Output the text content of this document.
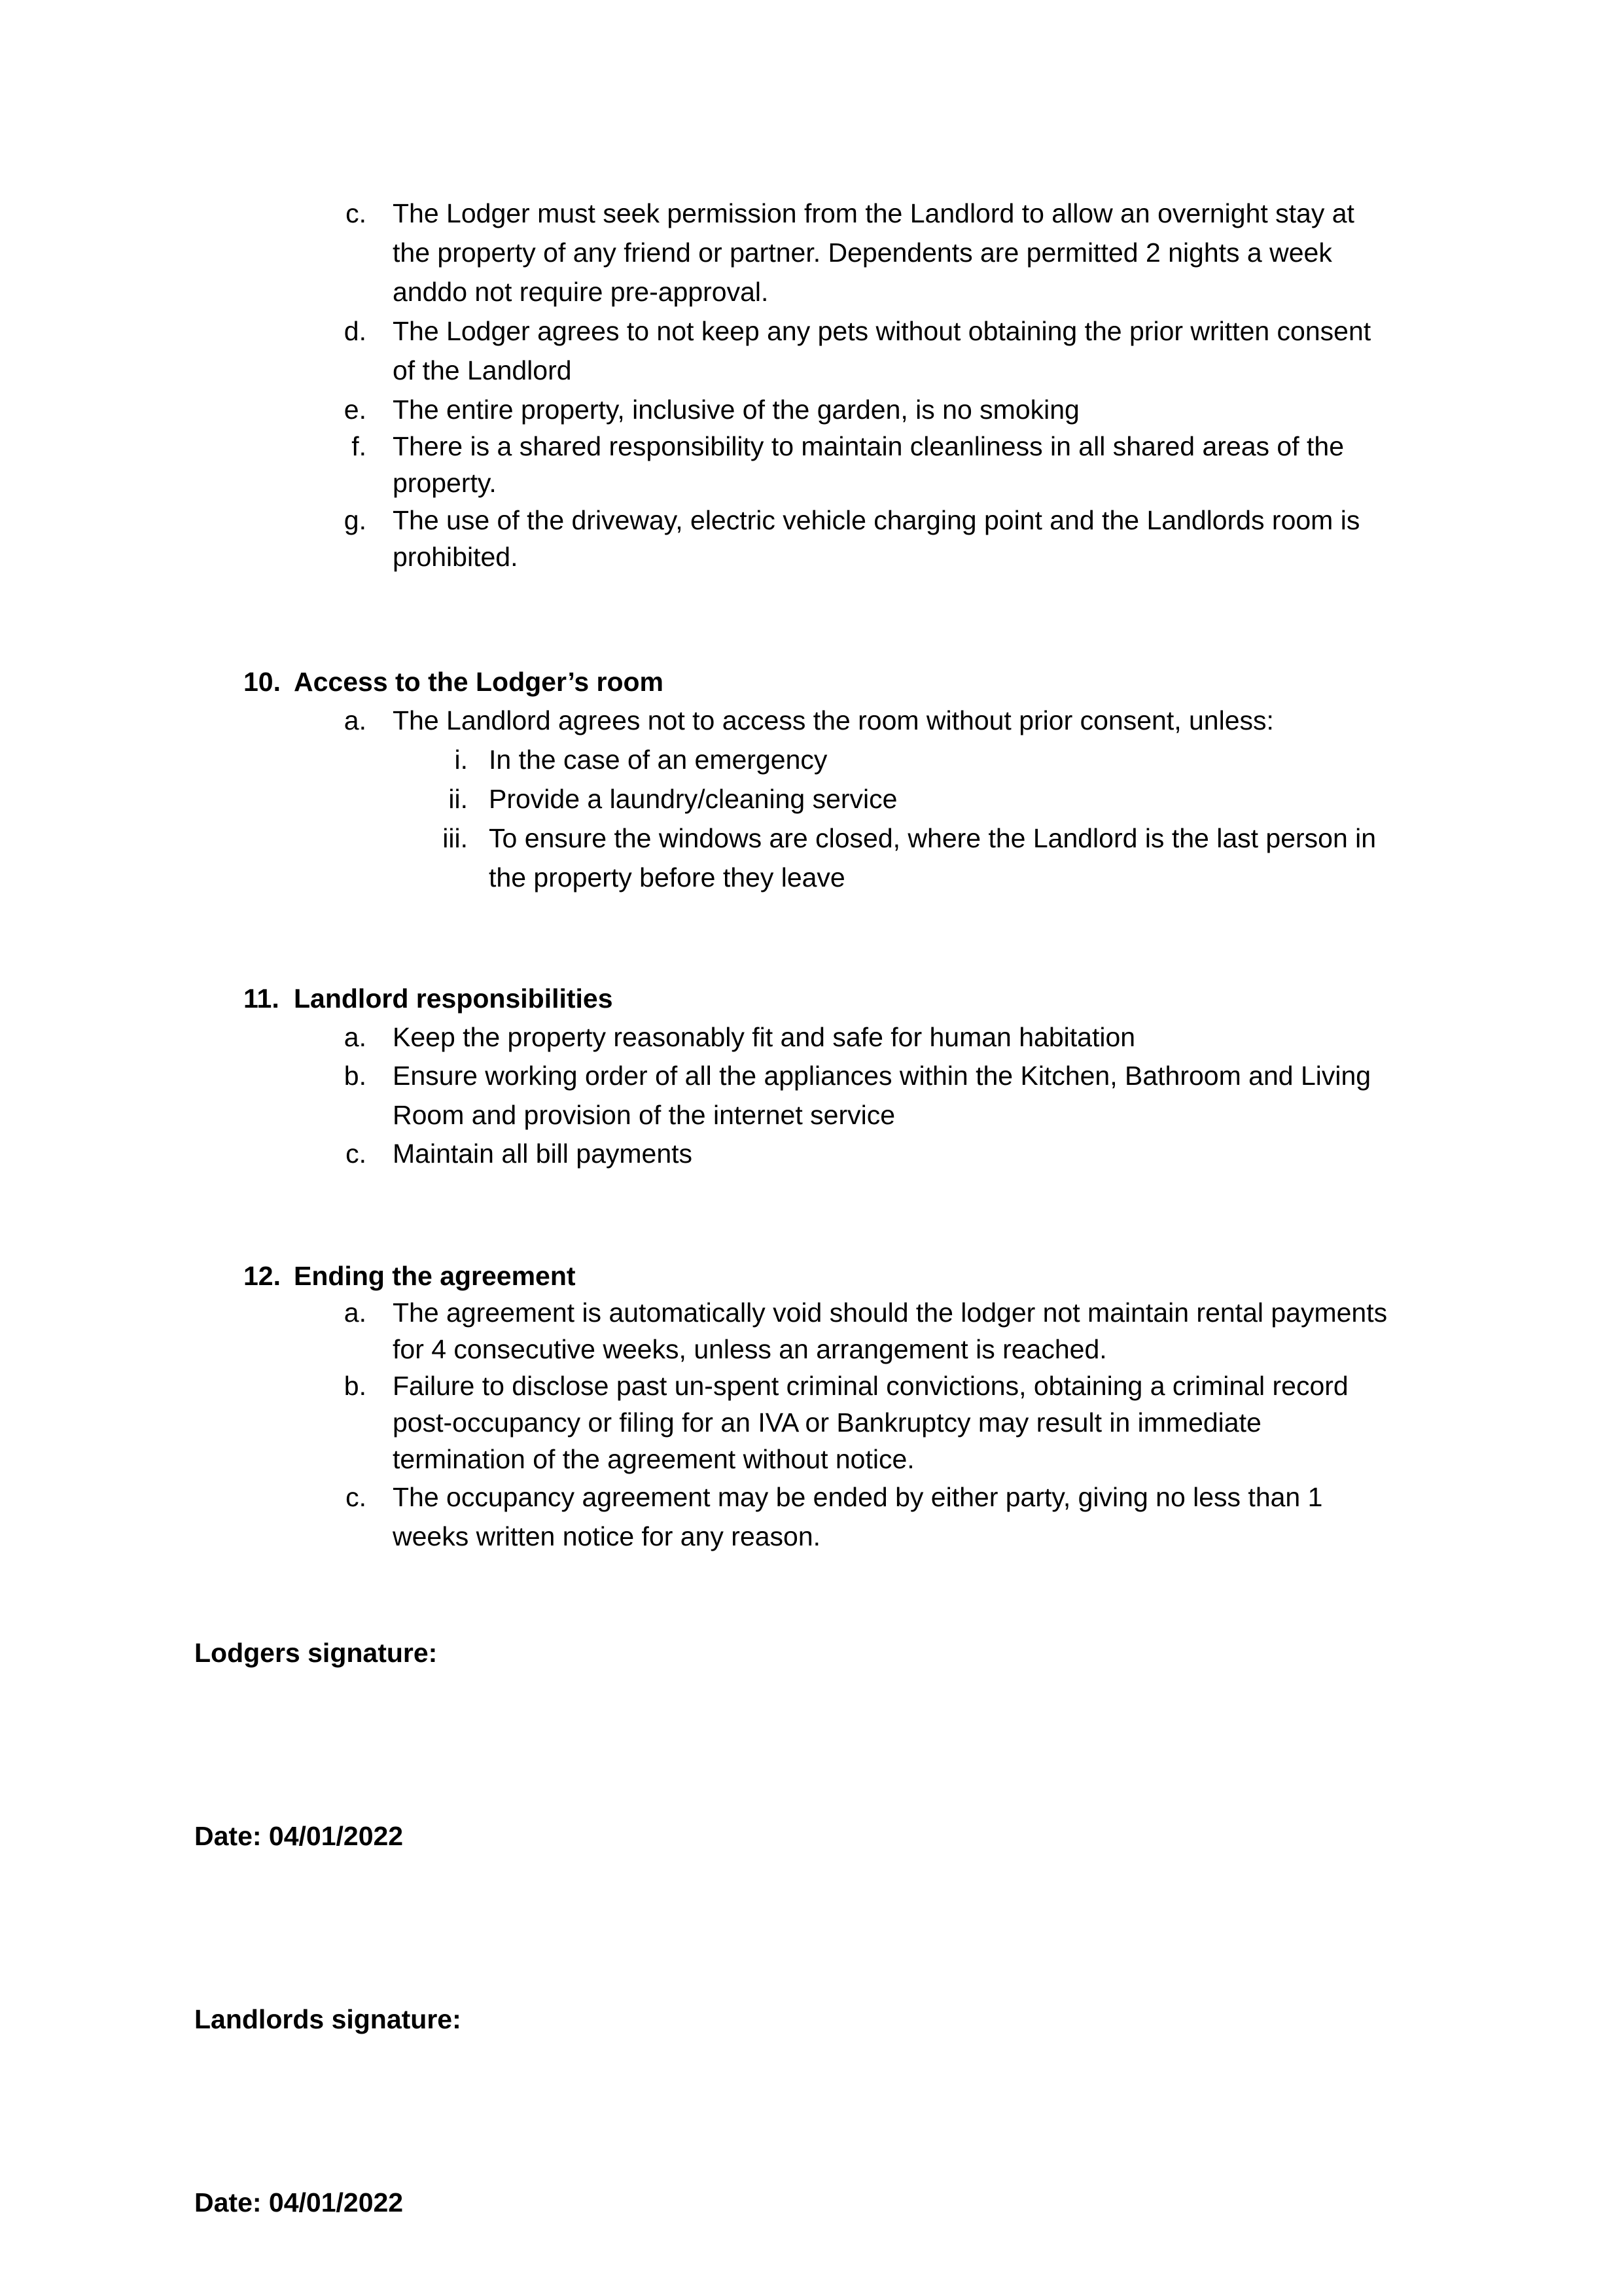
c. The Lodger must seek permission from the Landlord to allow an overnight stay at
the property of any friend or partner. Dependents are permitted 2 nights a week
anddo not require pre-approval.
d. The Lodger agrees to not keep any pets without obtaining the prior written consent
of the Landlord
e. The entire property, inclusive of the garden, is no smoking
f. There is a shared responsibility to maintain cleanliness in all shared areas of the
property.
g. The use of the driveway, electric vehicle charging point and the Landlords room is
prohibited.
10. Access to the Lodger’s room
a. The Landlord agrees not to access the room without prior consent, unless:
i. In the case of an emergency
ii. Provide a laundry/cleaning service
iii. To ensure the windows are closed, where the Landlord is the last person in
the property before they leave
11. Landlord responsibilities
a. Keep the property reasonably fit and safe for human habitation
b. Ensure working order of all the appliances within the Kitchen, Bathroom and Living
Room and provision of the internet service
c. Maintain all bill payments
12. Ending the agreement
a. The agreement is automatically void should the lodger not maintain rental payments
for 4 consecutive weeks, unless an arrangement is reached.
b. Failure to disclose past un-spent criminal convictions, obtaining a criminal record
post-occupancy or filing for an IVA or Bankruptcy may result in immediate
termination of the agreement without notice.
c. The occupancy agreement may be ended by either party, giving no less than 1
weeks written notice for any reason.
Lodgers signature:
Date: 04/01/2022
Landlords signature:
Date: 04/01/2022
